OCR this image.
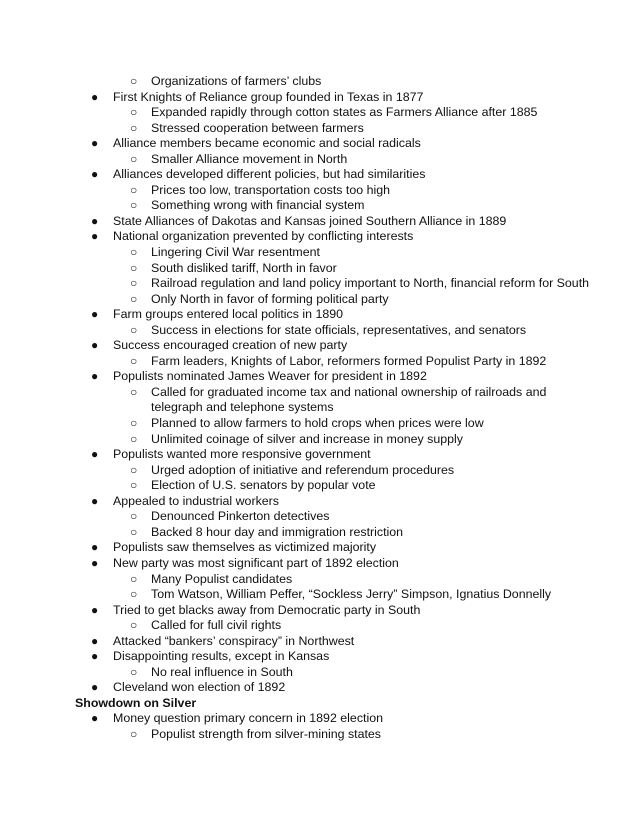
○ Organizations of farmers’ clubs
● First Knights of Reliance group founded in Texas in 1877
○ Expanded rapidly through cotton states as Farmers Alliance after 1885
○ Stressed cooperation between farmers
● Alliance members became economic and social radicals
○ Smaller Alliance movement in North
● Alliances developed different policies, but had similarities
○ Prices too low, transportation costs too high
○ Something wrong with financial system
● State Alliances of Dakotas and Kansas joined Southern Alliance in 1889
● National organization prevented by conflicting interests
○ Lingering Civil War resentment
○ South disliked tariff, North in favor
○ Railroad regulation and land policy important to North, financial reform for South
○ Only North in favor of forming political party
● Farm groups entered local politics in 1890
○ Success in elections for state officials, representatives, and senators
● Success encouraged creation of new party
○ Farm leaders, Knights of Labor, reformers formed Populist Party in 1892
● Populists nominated James Weaver for president in 1892
○ Called for graduated income tax and national ownership of railroads and telegraph and telephone systems
○ Planned to allow farmers to hold crops when prices were low
○ Unlimited coinage of silver and increase in money supply
● Populists wanted more responsive government
○ Urged adoption of initiative and referendum procedures
○ Election of U.S. senators by popular vote
● Appealed to industrial workers
○ Denounced Pinkerton detectives
○ Backed 8 hour day and immigration restriction
● Populists saw themselves as victimized majority
● New party was most significant part of 1892 election
○ Many Populist candidates
○ Tom Watson, William Peffer, “Sockless Jerry” Simpson, Ignatius Donnelly
● Tried to get blacks away from Democratic party in South
○ Called for full civil rights
● Attacked “bankers’ conspiracy” in Northwest
● Disappointing results, except in Kansas
○ No real influence in South
● Cleveland won election of 1892
Showdown on Silver
● Money question primary concern in 1892 election
○ Populist strength from silver-mining states
